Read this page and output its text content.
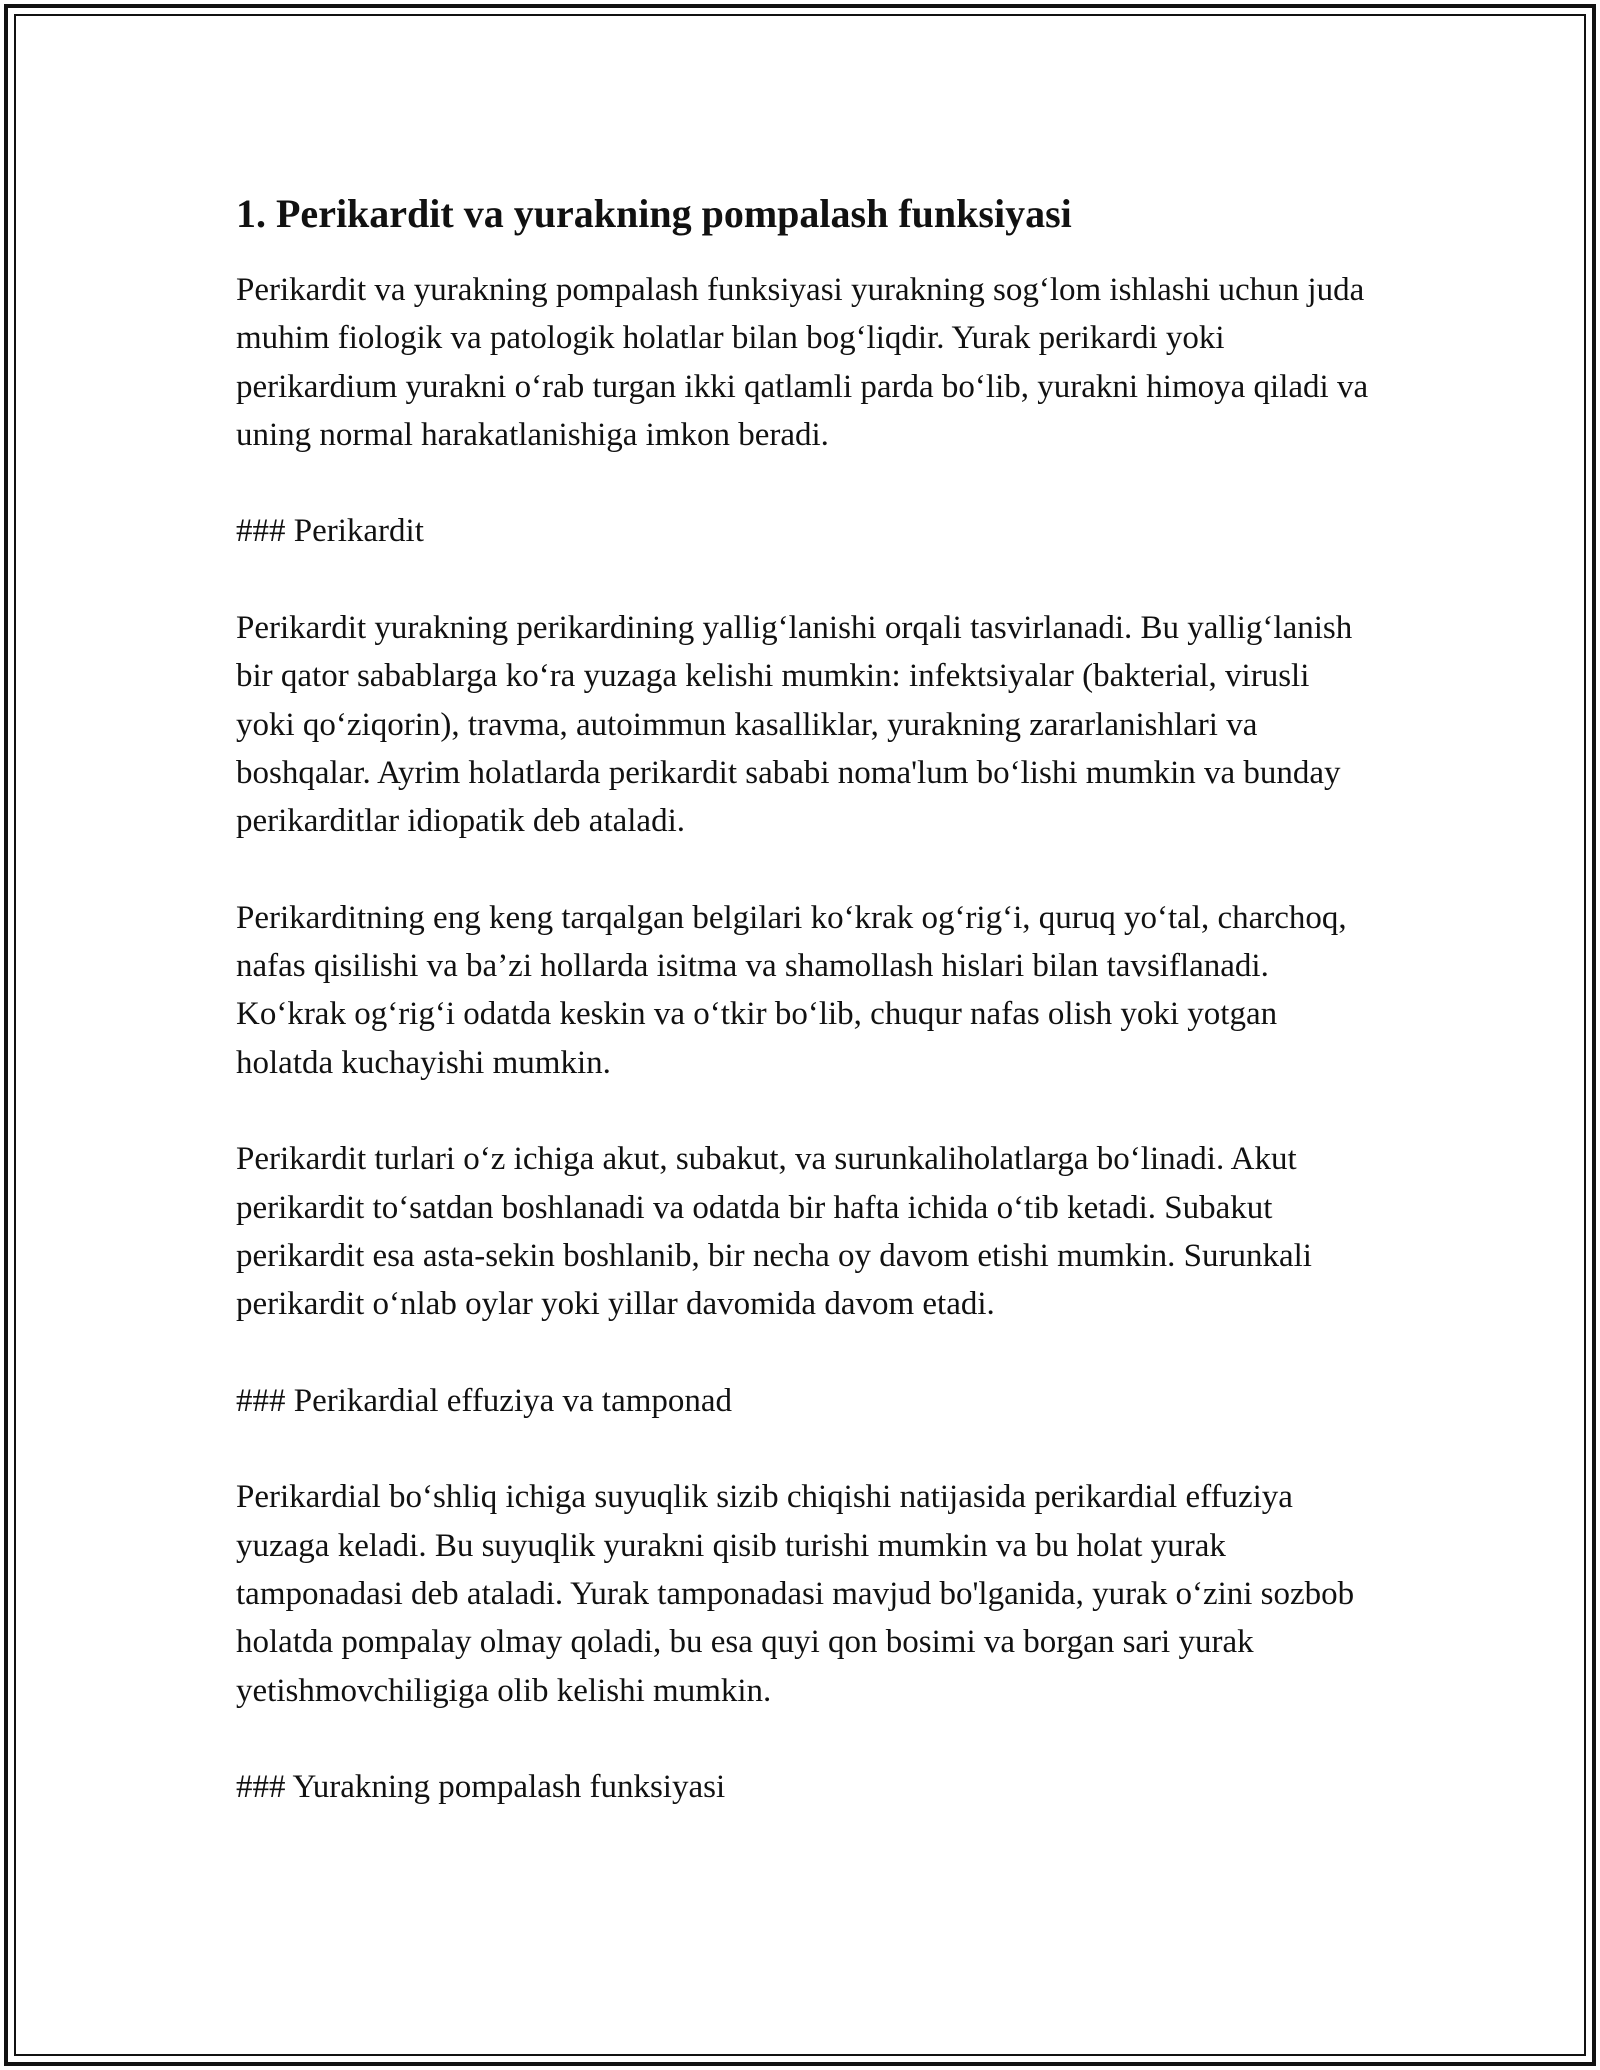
1. Perikardit va yurakning pompalash funksiyasi

Perikardit va yurakning pompalash funksiyasi yurakning sog‘lom ishlashi uchun juda muhim fiologik va patologik holatlar bilan bog‘liqdir. Yurak perikardi yoki perikardium yurakni o‘rab turgan ikki qatlamli parda bo‘lib, yurakni himoya qiladi va uning normal harakatlanishiga imkon beradi.

### Perikardit

Perikardit yurakning perikardining yallig‘lanishi orqali tasvirlanadi. Bu yallig‘lanish bir qator sabablarga ko‘ra yuzaga kelishi mumkin: infektsiyalar (bakterial, virusli yoki qo‘ziqorin), travma, autoimmun kasalliklar, yurakning zararlanishlari va boshqalar. Ayrim holatlarda perikardit sababi noma'lum bo‘lishi mumkin va bunday perikarditlar idiopatik deb ataladi.

Perikarditning eng keng tarqalgan belgilari ko‘krak og‘rig‘i, quruq yo‘tal, charchoq, nafas qisilishi va ba’zi hollarda isitma va shamollash hislari bilan tavsiflanadi. Ko‘krak og‘rig‘i odatda keskin va o‘tkir bo‘lib, chuqur nafas olish yoki yotgan holatda kuchayishi mumkin.

Perikardit turlari o‘z ichiga akut, subakut, va surunkaliholatlarga bo‘linadi. Akut perikardit to‘satdan boshlanadi va odatda bir hafta ichida o‘tib ketadi. Subakut perikardit esa asta-sekin boshlanib, bir necha oy davom etishi mumkin. Surunkali perikardit o‘nlab oylar yoki yillar davomida davom etadi.

### Perikardial effuziya va tamponad

Perikardial bo‘shliq ichiga suyuqlik sizib chiqishi natijasida perikardial effuziya yuzaga keladi. Bu suyuqlik yurakni qisib turishi mumkin va bu holat yurak tamponadasi deb ataladi. Yurak tamponadasi mavjud bo'lganida, yurak o‘zini sozbob holatda pompalay olmay qoladi, bu esa quyi qon bosimi va borgan sari yurak yetishmovchiligiga olib kelishi mumkin.

### Yurakning pompalash funksiyasi
